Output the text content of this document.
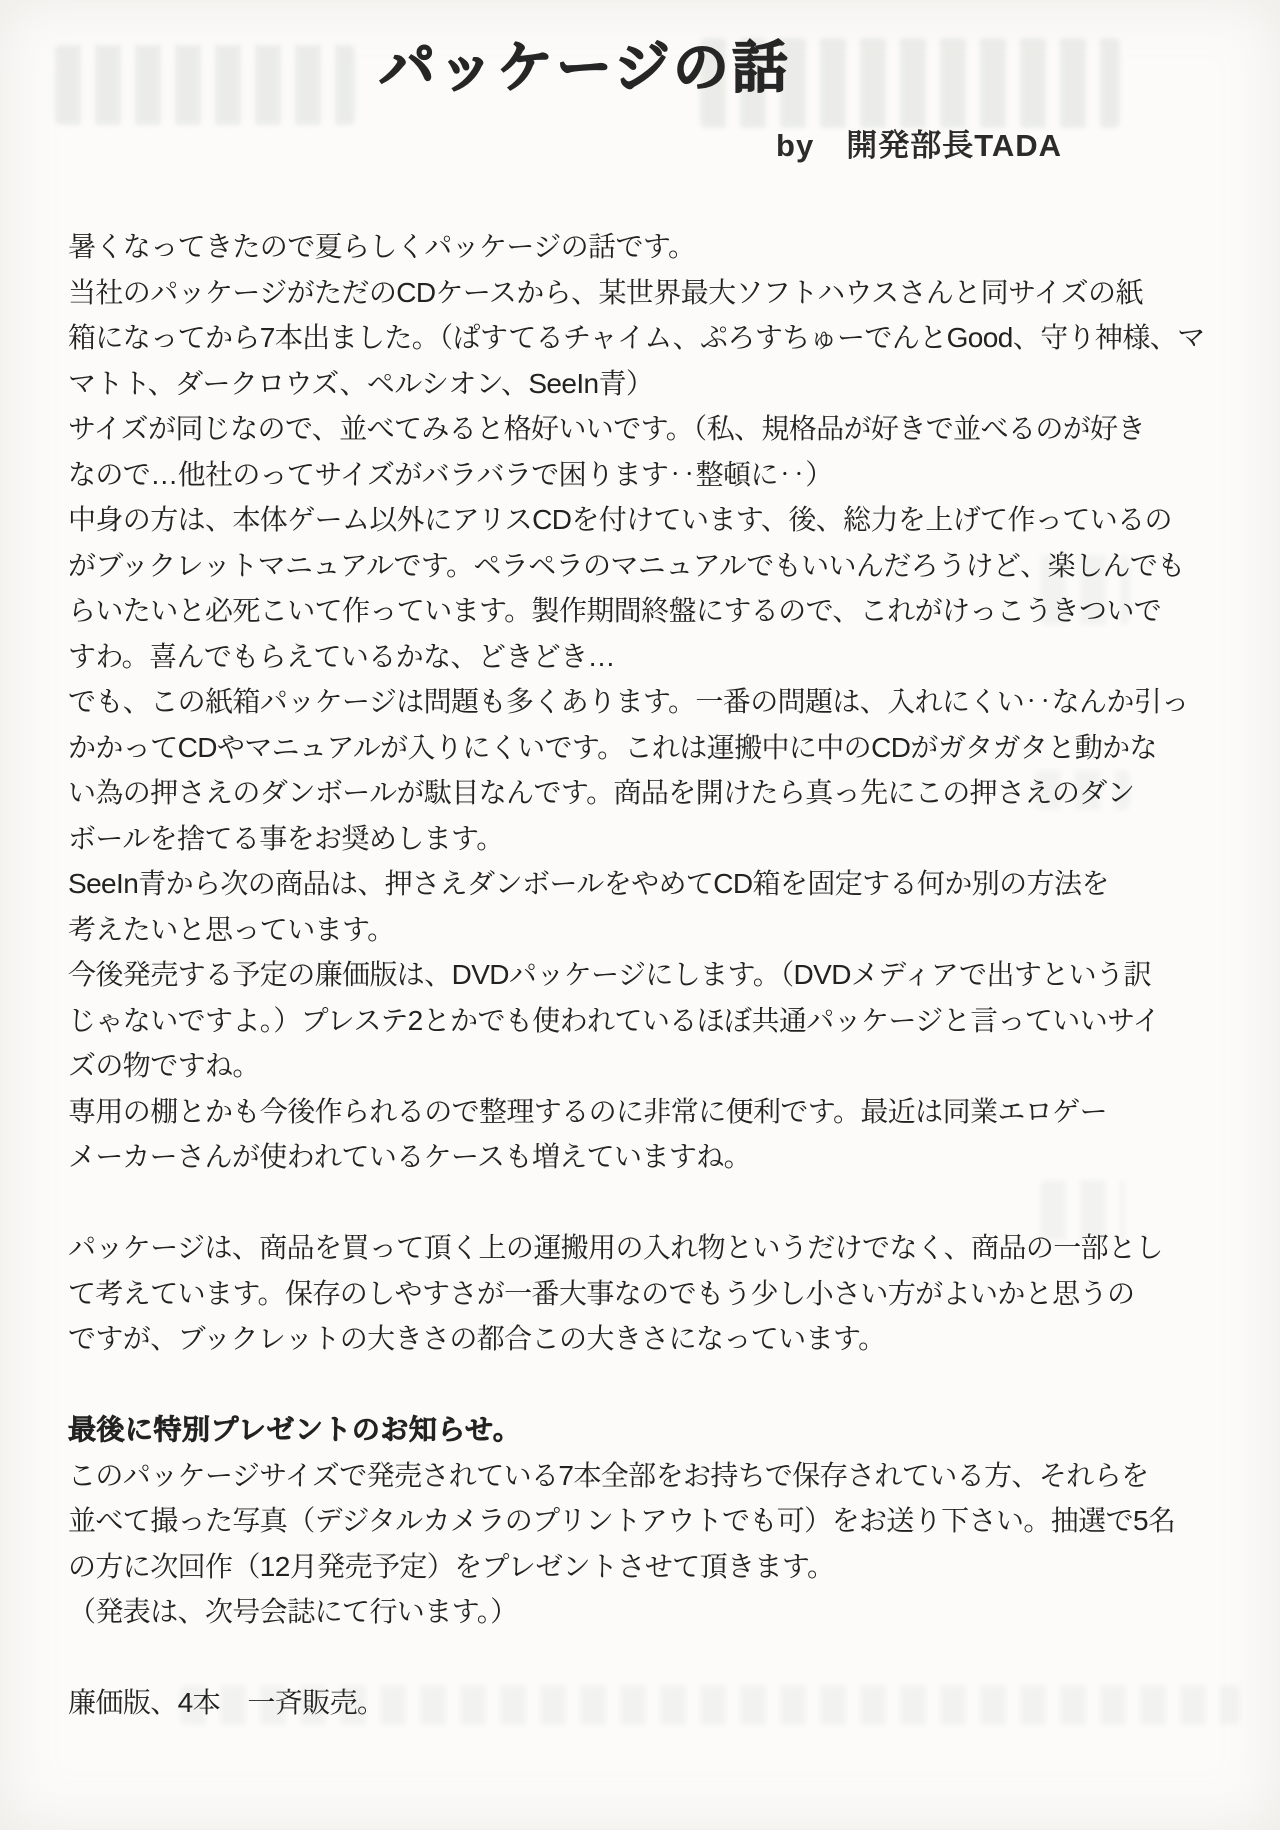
パッケージの話
by　開発部長TADA
暑くなってきたので夏らしくパッケージの話です。
当社のパッケージがただのCDケースから、某世界最大ソフトハウスさんと同サイズの紙
箱になってから7本出ました。（ぱすてるチャイム、ぷろすちゅーでんとGood、守り神様、マ
マトト、ダークロウズ、ペルシオン、SeeIn青）
サイズが同じなので、並べてみると格好いいです。（私、規格品が好きで並べるのが好き
なので…他社のってサイズがバラバラで困ります‥整頓に‥）
中身の方は、本体ゲーム以外にアリスCDを付けています、後、総力を上げて作っているの
がブックレットマニュアルです。ペラペラのマニュアルでもいいんだろうけど、楽しんでも
らいたいと必死こいて作っています。製作期間終盤にするので、これがけっこうきついで
すわ。喜んでもらえているかな、どきどき…
でも、この紙箱パッケージは問題も多くあります。一番の問題は、入れにくい‥なんか引っ
かかってCDやマニュアルが入りにくいです。これは運搬中に中のCDがガタガタと動かな
い為の押さえのダンボールが駄目なんです。商品を開けたら真っ先にこの押さえのダン
ボールを捨てる事をお奨めします。
SeeIn青から次の商品は、押さえダンボールをやめてCD箱を固定する何か別の方法を
考えたいと思っています。
今後発売する予定の廉価版は、DVDパッケージにします。（DVDメディアで出すという訳
じゃないですよ。）プレステ2とかでも使われているほぼ共通パッケージと言っていいサイ
ズの物ですね。
専用の棚とかも今後作られるので整理するのに非常に便利です。最近は同業エロゲー
メーカーさんが使われているケースも増えていますね。

パッケージは、商品を買って頂く上の運搬用の入れ物というだけでなく、商品の一部とし
て考えています。保存のしやすさが一番大事なのでもう少し小さい方がよいかと思うの
ですが、ブックレットの大きさの都合この大きさになっています。

最後に特別プレゼントのお知らせ。
このパッケージサイズで発売されている7本全部をお持ちで保存されている方、それらを
並べて撮った写真（デジタルカメラのプリントアウトでも可）をお送り下さい。抽選で5名
の方に次回作（12月発売予定）をプレゼントさせて頂きます。
（発表は、次号会誌にて行います。）

廉価版、4本　一斉販売。
